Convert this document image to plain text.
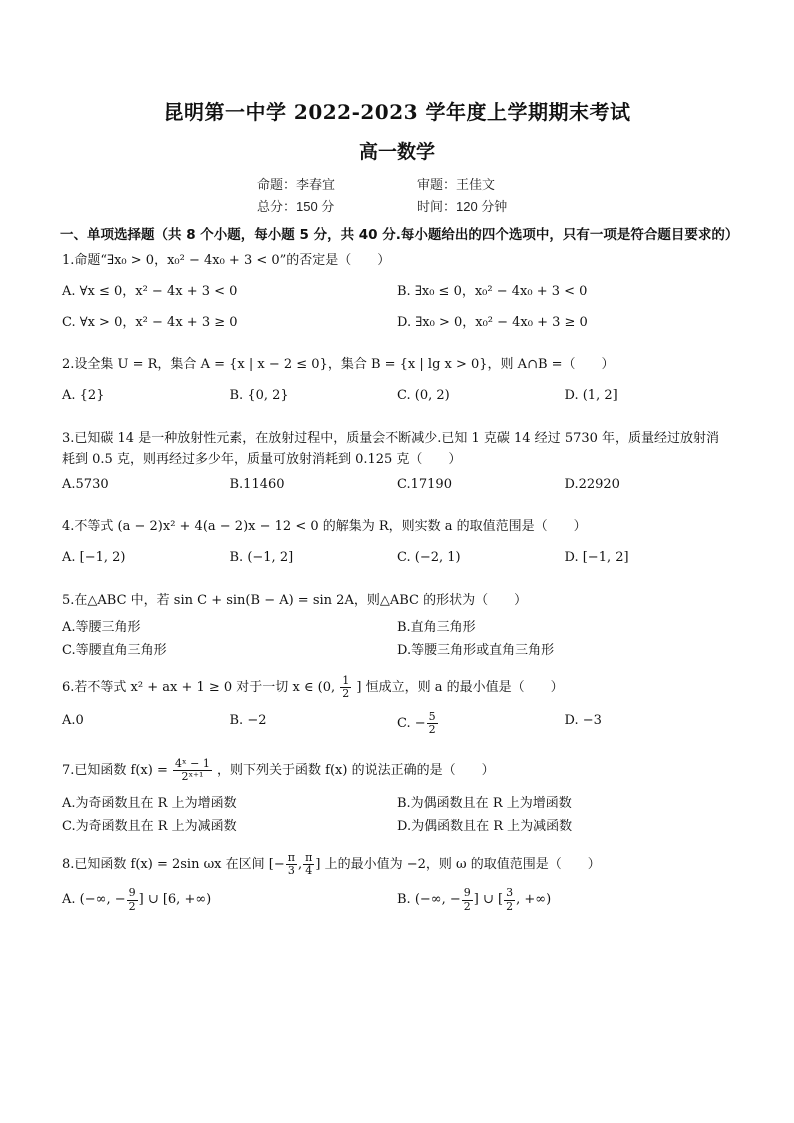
昆明第一中学 2022-2023 学年度上学期期末考试
高一数学
命题：李春宜	审题：王佳文
总分：150 分	时间：120 分钟
一、单项选择题（共 8 个小题，每小题 5 分，共 40 分.每小题给出的四个选项中，只有一项是符合题目要求的）
1.命题“∃x₀ > 0，x₀² − 4x₀ + 3 < 0”的否定是（　　）
A. ∀x ≤ 0，x² − 4x + 3 < 0	B. ∃x₀ ≤ 0，x₀² − 4x₀ + 3 < 0
C. ∀x > 0，x² − 4x + 3 ≥ 0	D. ∃x₀ > 0，x₀² − 4x₀ + 3 ≥ 0
2.设全集 U = R，集合 A = {x | x − 2 ≤ 0}，集合 B = {x | lg x > 0}，则 A∩B =（　　）
A. {2}	B. {0, 2}	C. (0, 2)	D. (1, 2]
3.已知碳 14 是一种放射性元素，在放射过程中，质量会不断减少.已知 1 克碳 14 经过 5730 年，质量经过放射消耗到 0.5 克，则再经过多少年，质量可放射消耗到 0.125 克（　　）
A.5730	B.11460	C.17190	D.22920
4.不等式 (a − 2)x² + 4(a − 2)x − 12 < 0 的解集为 R，则实数 a 的取值范围是（　　）
A. [−1, 2)	B. (−1, 2]	C. (−2, 1)	D. [−1, 2]
5.在△ABC 中，若 sin C + sin(B − A) = sin 2A，则△ABC 的形状为（　　）
A.等腰三角形	B.直角三角形
C.等腰直角三角形	D.等腰三角形或直角三角形
6.若不等式 x² + ax + 1 ≥ 0 对于一切 x ∈ (0, $\frac{1}{2}$ ] 恒成立，则 a 的最小值是（　　）
A.0	B. −2	C. − $\frac{5}{2}$	D. −3
7.已知函数 $f(x) = \frac{\text{4ˣ − 1}}{\text{2ˣ⁺¹}}$ ，则下列关于函数 f(x) 的说法正确的是（　　）
A.为奇函数且在 R 上为增函数	B.为偶函数且在 R 上为增函数
C.为奇函数且在 R 上为减函数	D.为偶函数且在 R 上为减函数
8.已知函数 f(x) = 2sin ωx 在区间 [− $\frac{\pi}{3}$ , $\frac{\pi}{4}$ ] 上的最小值为 −2，则 ω 的取值范围是（　　）
A. (−∞, − $\frac{9}{2}$ ] ∪ [6, +∞)	B. (−∞, − $\frac{9}{2}$ ] ∪ [ $\frac{3}{2}$ , +∞)
